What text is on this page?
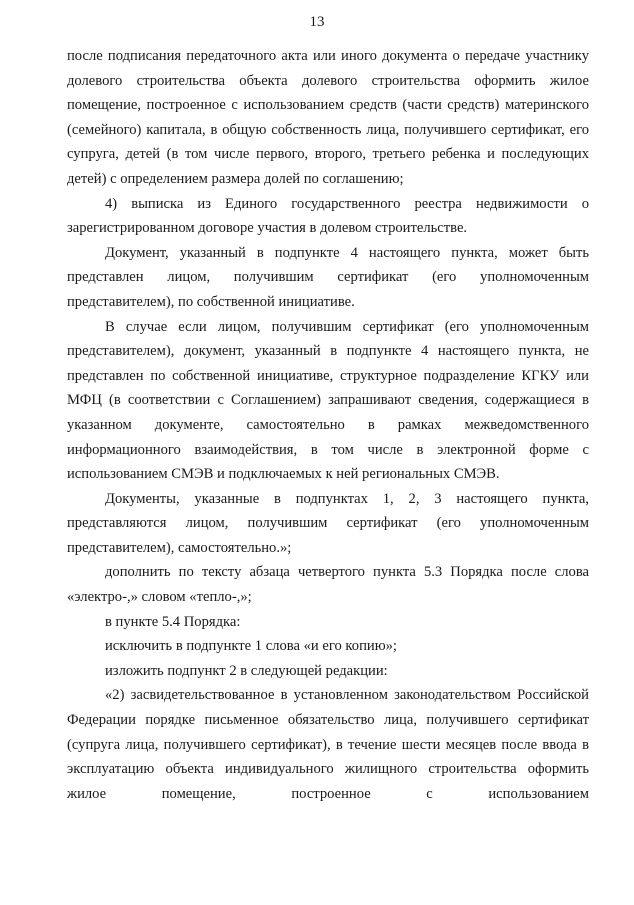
13

после подписания передаточного акта или иного документа о передаче участнику долевого строительства объекта долевого строительства оформить жилое помещение, построенное с использованием средств (части средств) материнского (семейного) капитала, в общую собственность лица, получившего сертификат, его супруга, детей (в том числе первого, второго, третьего ребенка и последующих детей) с определением размера долей по соглашению;

4) выписка из Единого государственного реестра недвижимости о зарегистрированном договоре участия в долевом строительстве.

Документ, указанный в подпункте 4 настоящего пункта, может быть представлен лицом, получившим сертификат (его уполномоченным представителем), по собственной инициативе.

В случае если лицом, получившим сертификат (его уполномоченным представителем), документ, указанный в подпункте 4 настоящего пункта, не представлен по собственной инициативе, структурное подразделение КГКУ или МФЦ (в соответствии с Соглашением) запрашивают сведения, содержащиеся в указанном документе, самостоятельно в рамках межведомственного информационного взаимодействия, в том числе в электронной форме с использованием СМЭВ и подключаемых к ней региональных СМЭВ.

Документы, указанные в подпунктах 1, 2, 3 настоящего пункта, представляются лицом, получившим сертификат (его уполномоченным представителем), самостоятельно.»;

дополнить по тексту абзаца четвертого пункта 5.3 Порядка после слова «электро-,» словом «тепло-,»;

в пункте 5.4 Порядка:

исключить в подпункте 1 слова «и его копию»;

изложить подпункт 2 в следующей редакции:

«2) засвидетельствованное в установленном законодательством Российской Федерации порядке письменное обязательство лица, получившего сертификат (супруга лица, получившего сертификат), в течение шести месяцев после ввода в эксплуатацию объекта индивидуального жилищного строительства оформить жилое помещение, построенное с использованием
